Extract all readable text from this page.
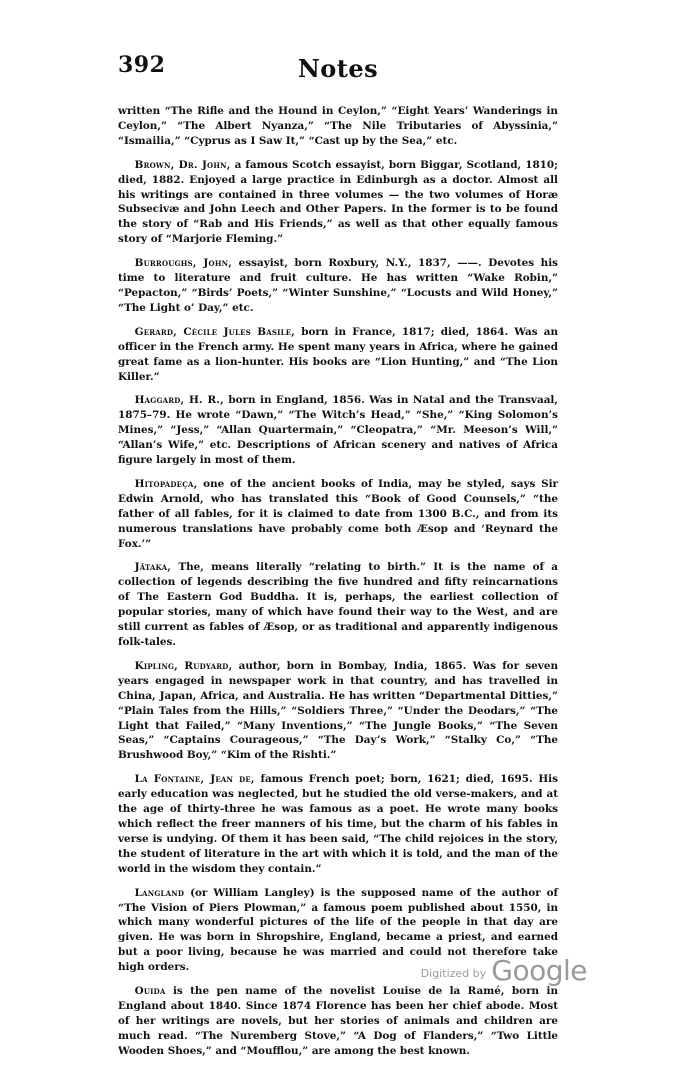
392	Notes

written “The Rifle and the Hound in Ceylon,” “Eight Years’ Wanderings in Ceylon,” “The Albert Nyanza,” “The Nile Tributaries of Abyssinia,” “Ismailia,” “Cyprus as I Saw It,” “Cast up by the Sea,” etc.

Brown, Dr. John, a famous Scotch essayist, born Biggar, Scotland, 1810; died, 1882. Enjoyed a large practice in Edinburgh as a doctor. Almost all his writings are contained in three volumes — the two volumes of Horæ Subsecivæ and John Leech and Other Papers. In the former is to be found the story of “Rab and His Friends,” as well as that other equally famous story of “Marjorie Fleming.”

Burroughs, John, essayist, born Roxbury, N.Y., 1837, ——. Devotes his time to literature and fruit culture. He has written “Wake Robin,” “Pepacton,” “Birds’ Poets,” “Winter Sunshine,” “Locusts and Wild Honey,” “The Light o’ Day,” etc.

Gerard, Cécile Jules Basile, born in France, 1817; died, 1864. Was an officer in the French army. He spent many years in Africa, where he gained great fame as a lion-hunter. His books are “Lion Hunting,” and “The Lion Killer.”

Haggard, H. R., born in England, 1856. Was in Natal and the Transvaal, 1875–79. He wrote “Dawn,” “The Witch’s Head,” “She,” “King Solomon’s Mines,” “Jess,” “Allan Quartermain,” “Cleopatra,” “Mr. Meeson’s Will,” “Allan’s Wife,” etc. Descriptions of African scenery and natives of Africa figure largely in most of them.

Hitopadeça, one of the ancient books of India, may be styled, says Sir Edwin Arnold, who has translated this “Book of Good Counsels,” “the father of all fables, for it is claimed to date from 1300 B.C., and from its numerous translations have probably come both Æsop and ‘Reynard the Fox.’”

Jātaka, The, means literally “relating to birth.” It is the name of a collection of legends describing the five hundred and fifty reincarnations of The Eastern God Buddha. It is, perhaps, the earliest collection of popular stories, many of which have found their way to the West, and are still current as fables of Æsop, or as traditional and apparently indigenous folk-tales.

Kipling, Rudyard, author, born in Bombay, India, 1865. Was for seven years engaged in newspaper work in that country, and has travelled in China, Japan, Africa, and Australia. He has written “Departmental Ditties,” “Plain Tales from the Hills,” “Soldiers Three,” “Under the Deodars,” “The Light that Failed,” “Many Inventions,” “The Jungle Books,” “The Seven Seas,” “Captains Courageous,” “The Day’s Work,” “Stalky Co,” “The Brushwood Boy,” “Kim of the Rishti.”

La Fontaine, Jean de, famous French poet; born, 1621; died, 1695. His early education was neglected, but he studied the old verse-makers, and at the age of thirty-three he was famous as a poet. He wrote many books which reflect the freer manners of his time, but the charm of his fables in verse is undying. Of them it has been said, “The child rejoices in the story, the student of literature in the art with which it is told, and the man of the world in the wisdom they contain.”

Langland (or William Langley) is the supposed name of the author of “The Vision of Piers Plowman,” a famous poem published about 1550, in which many wonderful pictures of the life of the people in that day are given. He was born in Shropshire, England, became a priest, and earned but a poor living, because he was married and could not therefore take high orders.

Ouida is the pen name of the novelist Louise de la Ramé, born in England about 1840. Since 1874 Florence has been her chief abode. Most of her writings are novels, but her stories of animals and children are much read. “The Nuremberg Stove,” “A Dog of Flanders,” “Two Little Wooden Shoes,” and “Moufflou,” are among the best known.

Digitized by Google
